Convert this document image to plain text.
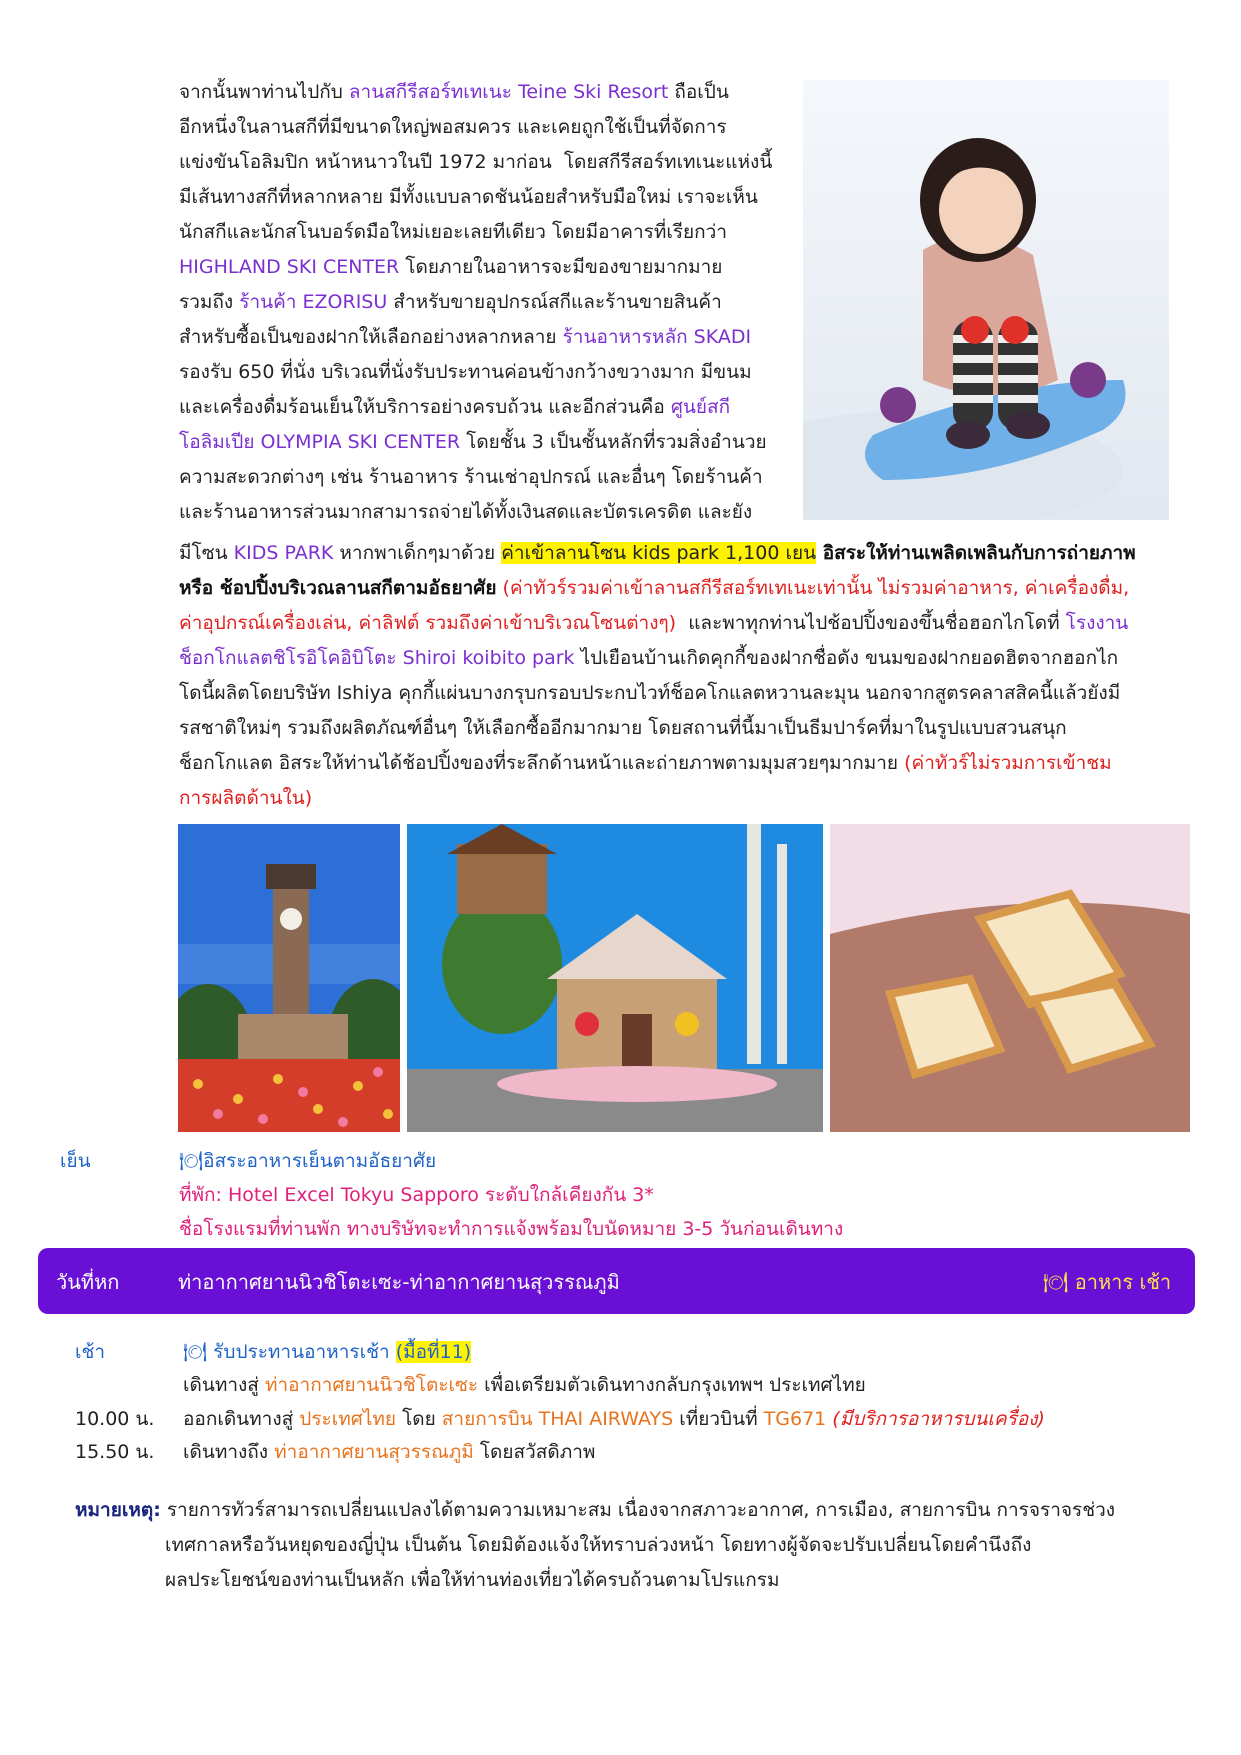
จากนั้นพาท่านไปกับ ลานสกีรีสอร์ทเทเนะ Teine Ski Resort ถือเป็น
อีกหนึ่งในลานสกีที่มีขนาดใหญ่พอสมควร และเคยถูกใช้เป็นที่จัดการ
แข่งขันโอลิมปิก หน้าหนาวในปี 1972 มาก่อน  โดยสกีรีสอร์ทเทเนะแห่งนี้
มีเส้นทางสกีที่หลากหลาย มีทั้งแบบลาดชันน้อยสำหรับมือใหม่ เราจะเห็น
นักสกีและนักสโนบอร์ดมือใหม่เยอะเลยทีเดียว โดยมีอาคารที่เรียกว่า
HIGHLAND SKI CENTER โดยภายในอาหารจะมีของขายมากมาย
รวมถึง ร้านค้า EZORISU สำหรับขายอุปกรณ์สกีและร้านขายสินค้า
สำหรับซื้อเป็นของฝากให้เลือกอย่างหลากหลาย ร้านอาหารหลัก SKADI
รองรับ 650 ที่นั่ง บริเวณที่นั่งรับประทานค่อนข้างกว้างขวางมาก มีขนม
และเครื่องดื่มร้อนเย็นให้บริการอย่างครบถ้วน และอีกส่วนคือ ศูนย์สกี
โอลิมเปีย OLYMPIA SKI CENTER โดยชั้น 3 เป็นชั้นหลักที่รวมสิ่งอำนวย
ความสะดวกต่างๆ เช่น ร้านอาหาร ร้านเช่าอุปกรณ์ และอื่นๆ โดยร้านค้า
และร้านอาหารส่วนมากสามารถจ่ายได้ทั้งเงินสดและบัตรเครดิต และยัง
มีโซน KIDS PARK หากพาเด็กๆมาด้วย ค่าเข้าลานโซน kids park 1,100 เยน อิสระให้ท่านเพลิดเพลินกับการถ่ายภาพ
หรือ ช้อปปิ้งบริเวณลานสกีตามอัธยาศัย (ค่าทัวร์รวมค่าเข้าลานสกีรีสอร์ทเทเนะเท่านั้น ไม่รวมค่าอาหาร, ค่าเครื่องดื่ม,
ค่าอุปกรณ์เครื่องเล่น, ค่าลิฟต์ รวมถึงค่าเข้าบริเวณโซนต่างๆ)  และพาทุกท่านไปช้อปปิ้งของขึ้นชื่อฮอกไกโดที่ โรงงาน
ช็อกโกแลตชิโรอิโคอิบิโตะ Shiroi koibito park ไปเยือนบ้านเกิดคุกกี้ของฝากชื่อดัง ขนมของฝากยอดฮิตจากฮอกไก
โดนี้ผลิตโดยบริษัท Ishiya คุกกี้แผ่นบางกรุบกรอบประกบไวท์ช็อคโกแลตหวานละมุน นอกจากสูตรคลาสสิคนี้แล้วยังมี
รสชาติใหม่ๆ รวมถึงผลิตภัณฑ์อื่นๆ ให้เลือกซื้ออีกมากมาย โดยสถานที่นี้มาเป็นธีมปาร์คที่มาในรูปแบบสวนสนุก
ช็อกโกแลต อิสระให้ท่านได้ช้อปปิ้งของที่ระลึกด้านหน้าและถ่ายภาพตามมุมสวยๆมากมาย (ค่าทัวร์ไม่รวมการเข้าชม
การผลิตด้านใน)
เย็น	🍽อิสระอาหารเย็นตามอัธยาศัย
ที่พัก: Hotel Excel Tokyu Sapporo ระดับใกล้เคียงกัน 3*
ชื่อโรงแรมที่ท่านพัก ทางบริษัทจะทำการแจ้งพร้อมใบนัดหมาย 3-5 วันก่อนเดินทาง
วันที่หก	ท่าอากาศยานนิวชิโตะเซะ-ท่าอากาศยานสุวรรณภูมิ	🍽 อาหาร เช้า
เช้า	🍽 รับประทานอาหารเช้า (มื้อที่11)
เดินทางสู่ ท่าอากาศยานนิวชิโตะเซะ เพื่อเตรียมตัวเดินทางกลับกรุงเทพฯ ประเทศไทย
10.00 น. ออกเดินทางสู่ ประเทศไทย โดย สายการบิน THAI AIRWAYS เที่ยวบินที่ TG671 (มีบริการอาหารบนเครื่อง)
15.50 น. เดินทางถึง ท่าอากาศยานสุวรรณภูมิ โดยสวัสดิภาพ
หมายเหตุ: รายการทัวร์สามารถเปลี่ยนแปลงได้ตามความเหมาะสม เนื่องจากสภาวะอากาศ, การเมือง, สายการบิน การจราจรช่วง
เทศกาลหรือวันหยุดของญี่ปุ่น เป็นต้น โดยมิต้องแจ้งให้ทราบล่วงหน้า โดยทางผู้จัดจะปรับเปลี่ยนโดยคำนึงถึง
ผลประโยชน์ของท่านเป็นหลัก เพื่อให้ท่านท่องเที่ยวได้ครบถ้วนตามโปรแกรม
